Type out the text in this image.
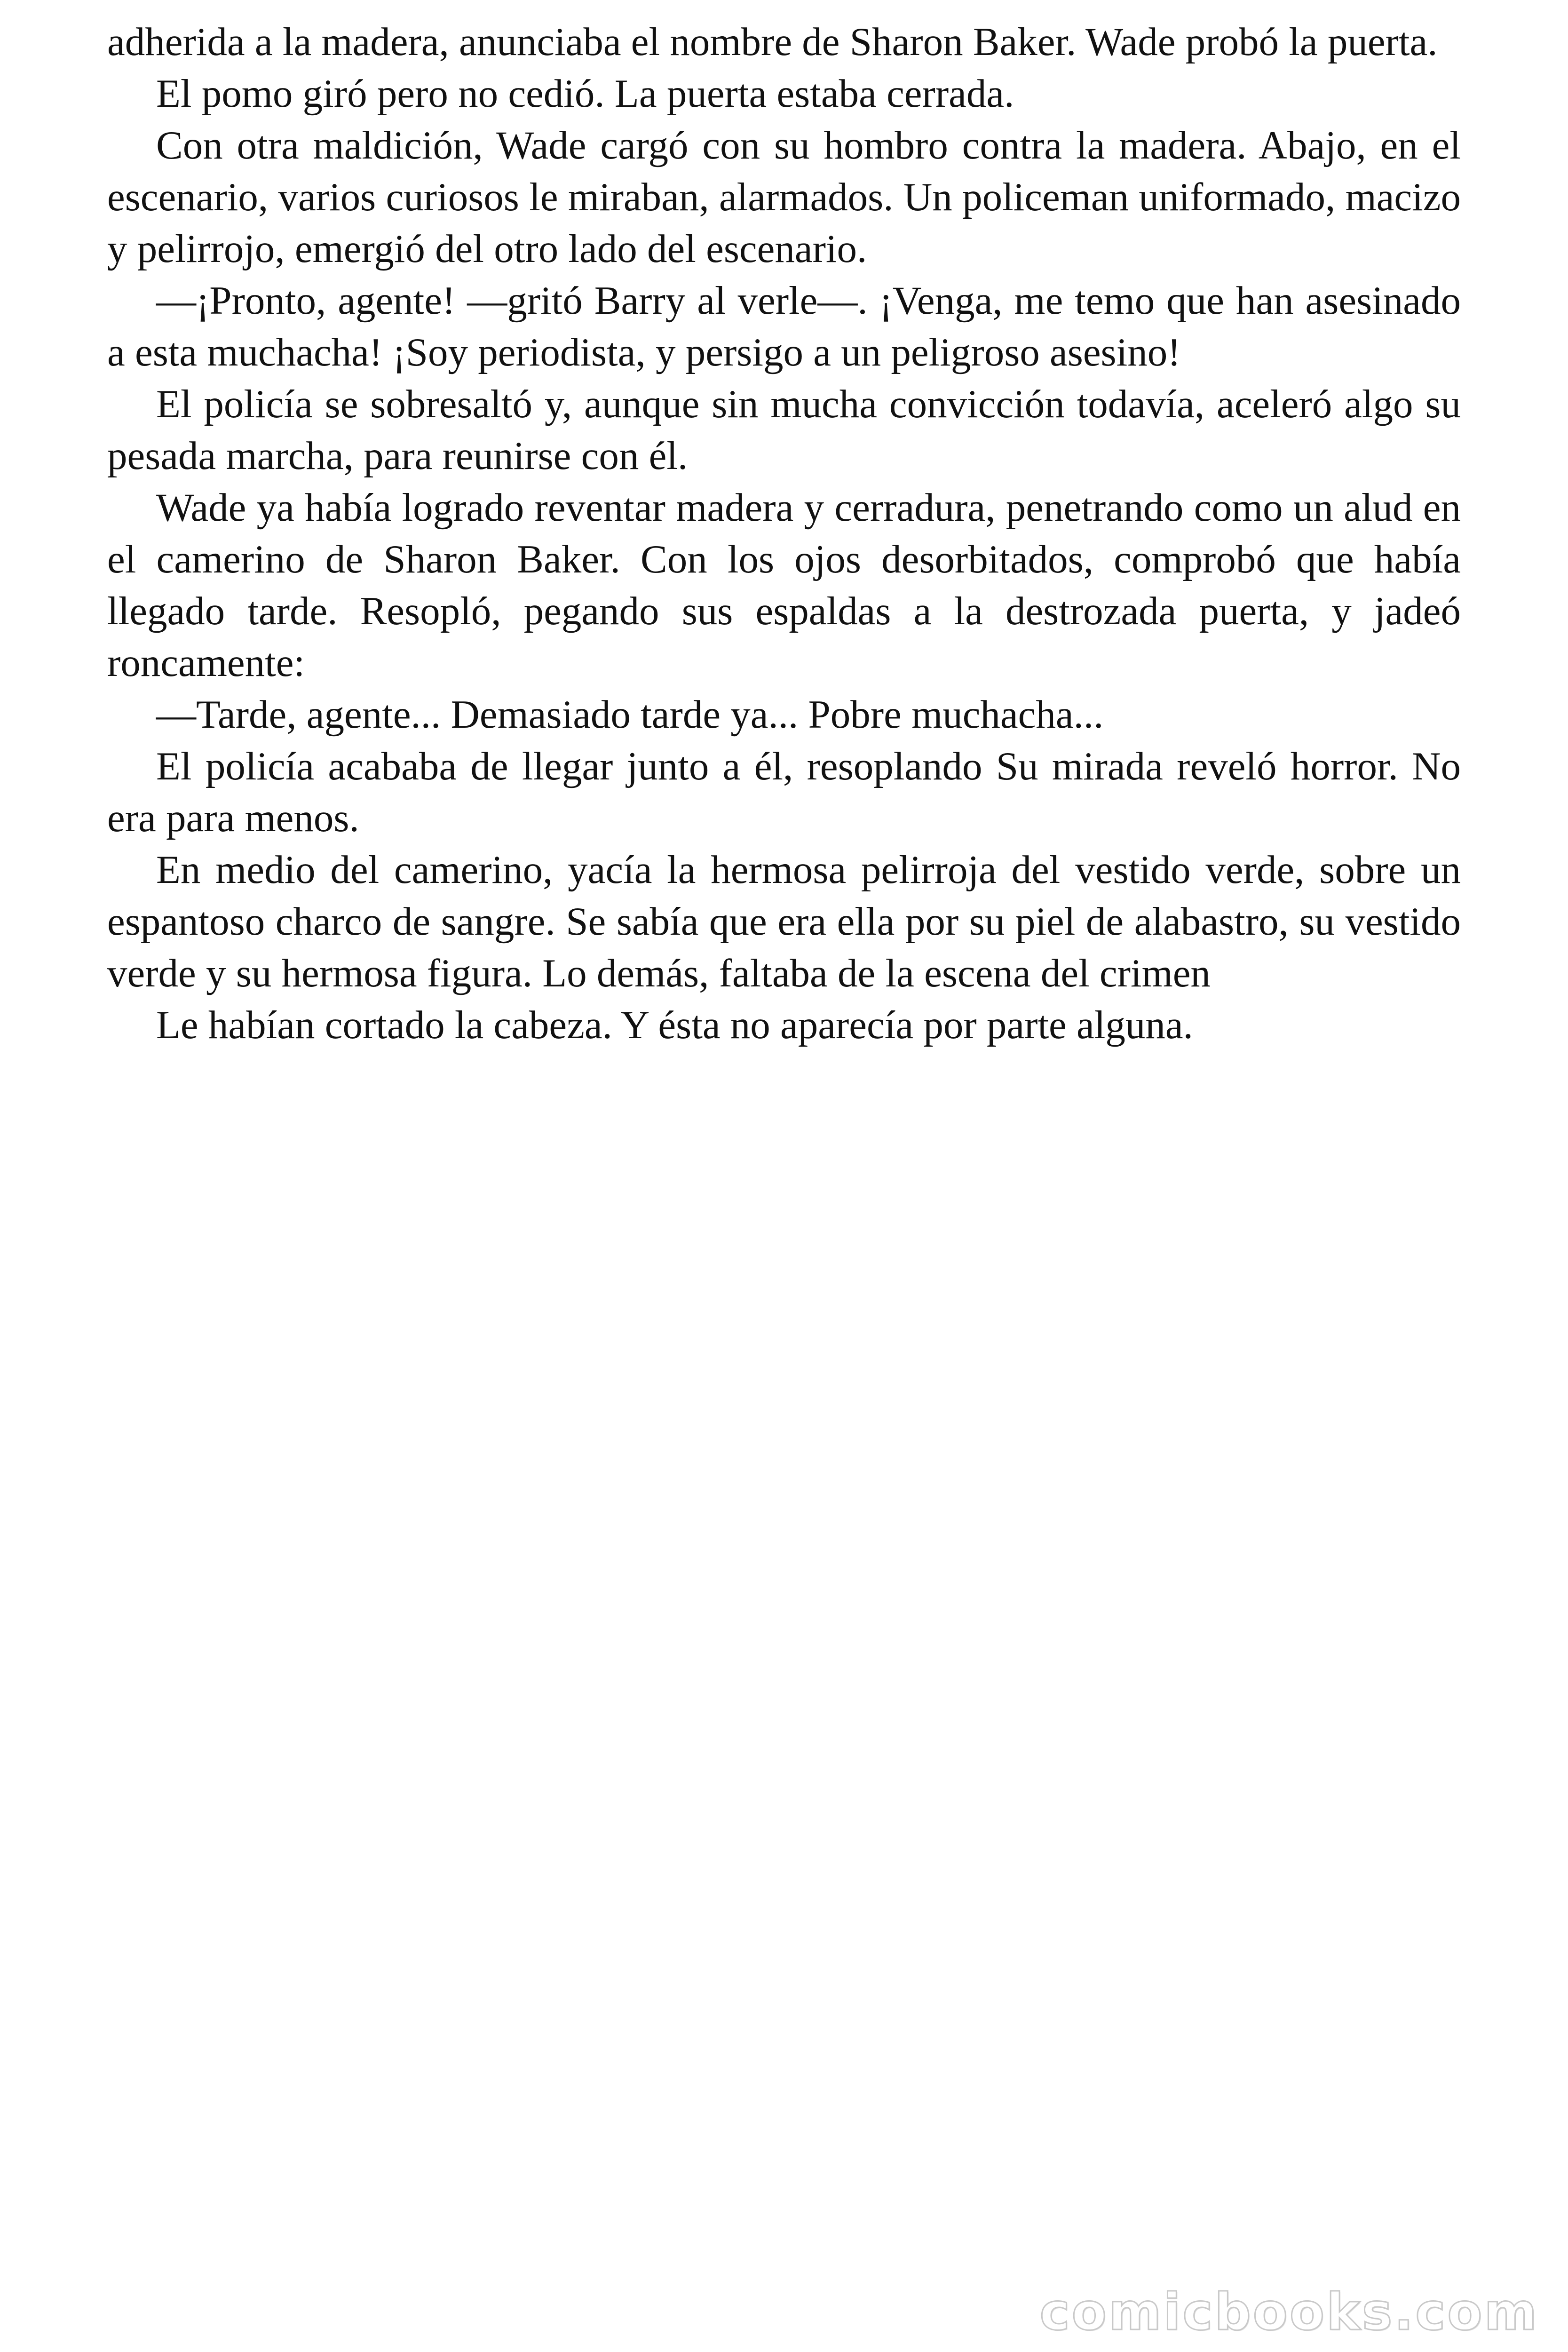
adherida a la madera, anunciaba el nombre de Sharon Baker. Wade probó la puerta.

El pomo giró pero no cedió. La puerta estaba cerrada.

Con otra maldición, Wade cargó con su hombro contra la madera. Abajo, en el escenario, varios curiosos le miraban, alarmados. Un policeman uniformado, macizo y pelirrojo, emergió del otro lado del escenario.

—¡Pronto, agente! —gritó Barry al verle—. ¡Venga, me temo que han asesinado a esta muchacha! ¡Soy periodista, y persigo a un peligroso asesino!

El policía se sobresaltó y, aunque sin mucha convicción todavía, aceleró algo su pesada marcha, para reunirse con él.

Wade ya había logrado reventar madera y cerradura, penetrando como un alud en el camerino de Sharon Baker. Con los ojos desorbitados, comprobó que había llegado tarde. Resopló, pegando sus espaldas a la destrozada puerta, y jadeó roncamente:

—Tarde, agente... Demasiado tarde ya... Pobre muchacha...

El policía acababa de llegar junto a él, resoplando Su mirada reveló horror. No era para menos.

En medio del camerino, yacía la hermosa pelirroja del vestido verde, sobre un espantoso charco de sangre. Se sabía que era ella por su piel de alabastro, su vestido verde y su hermosa figura. Lo demás, faltaba de la escena del crimen

Le habían cortado la cabeza. Y ésta no aparecía por parte alguna.

comicbooks.com
